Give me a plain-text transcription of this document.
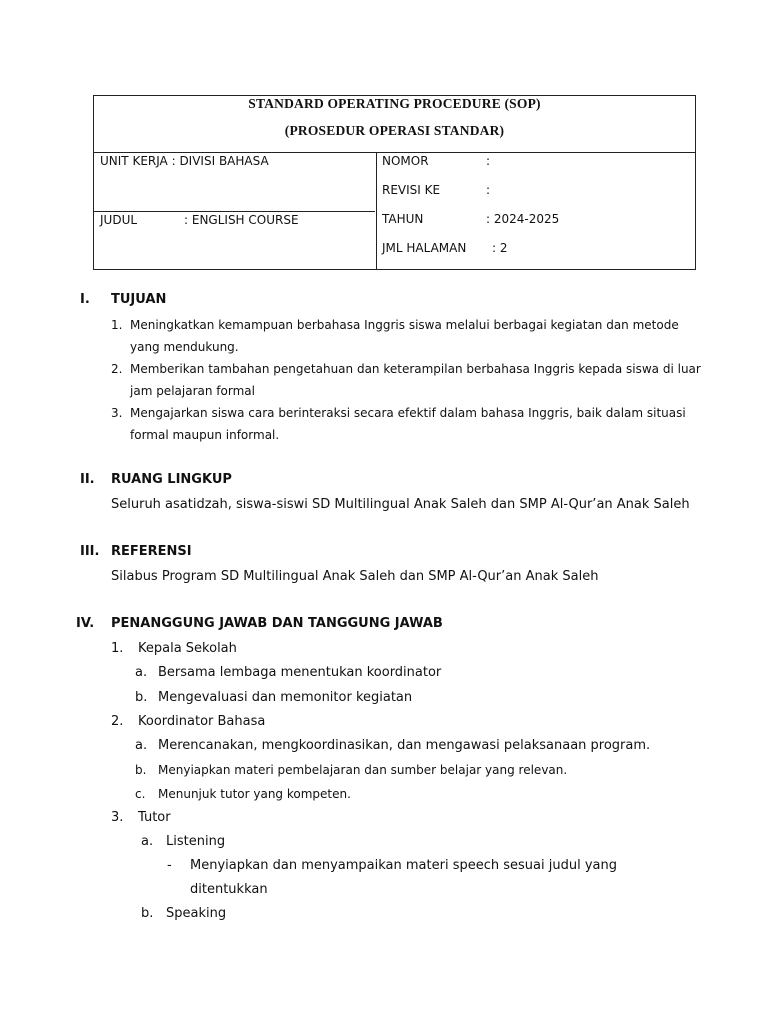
STANDARD OPERATING PROCEDURE (SOP)
(PROSEDUR OPERASI STANDAR)
UNIT KERJA : DIVISI BAHASA
JUDUL	: ENGLISH COURSE
NOMOR	:
REVISI KE	:
TAHUN	: 2024-2025
JML HALAMAN : 2
I. TUJUAN
1. Meningkatkan kemampuan berbahasa Inggris siswa melalui berbagai kegiatan dan metode
yang mendukung.
2. Memberikan tambahan pengetahuan dan keterampilan berbahasa Inggris kepada siswa di luar
jam pelajaran formal
3. Mengajarkan siswa cara berinteraksi secara efektif dalam bahasa Inggris, baik dalam situasi
formal maupun informal.
II. RUANG LINGKUP
Seluruh asatidzah, siswa-siswi SD Multilingual Anak Saleh dan SMP Al-Qur’an Anak Saleh
III. REFERENSI
Silabus Program SD Multilingual Anak Saleh dan SMP Al-Qur’an Anak Saleh
IV. PENANGGUNG JAWAB DAN TANGGUNG JAWAB
1. Kepala Sekolah
a. Bersama lembaga menentukan koordinator
b. Mengevaluasi dan memonitor kegiatan
2. Koordinator Bahasa
a. Merencanakan, mengkoordinasikan, dan mengawasi pelaksanaan program.
b. Menyiapkan materi pembelajaran dan sumber belajar yang relevan.
c. Menunjuk tutor yang kompeten.
3. Tutor
a. Listening
- Menyiapkan dan menyampaikan materi speech sesuai judul yang
ditentukkan
b. Speaking
